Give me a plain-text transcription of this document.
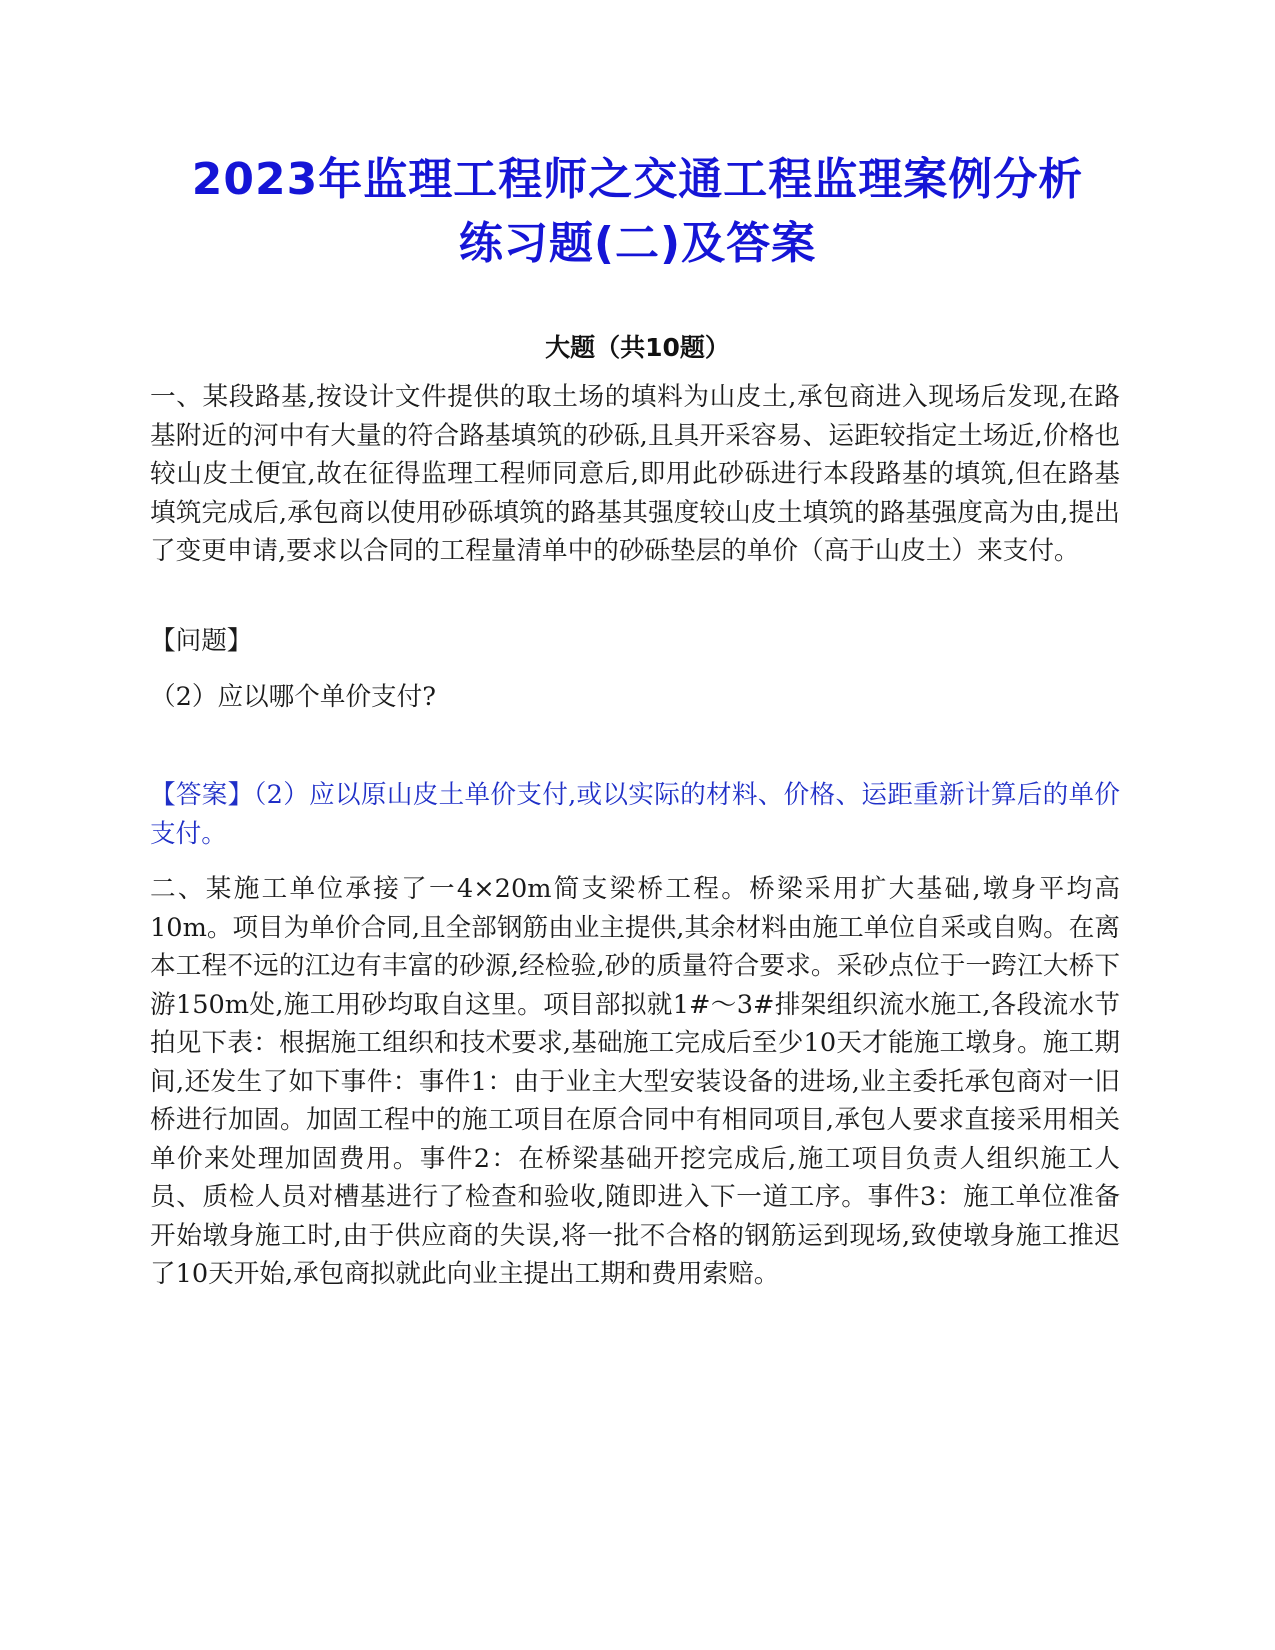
2023年监理工程师之交通工程监理案例分析
练习题(二)及答案
大题（共10题）

一、某段路基,按设计文件提供的取土场的填料为山皮土,承包商进入现场后发现,在路基附近的河中有大量的符合路基填筑的砂砾,且具开采容易、运距较指定土场近,价格也较山皮土便宜,故在征得监理工程师同意后,即用此砂砾进行本段路基的填筑,但在路基填筑完成后,承包商以使用砂砾填筑的路基其强度较山皮土填筑的路基强度高为由,提出了变更申请,要求以合同的工程量清单中的砂砾垫层的单价（高于山皮土）来支付。

【问题】

（2）应以哪个单价支付?

【答案】（2）应以原山皮土单价支付,或以实际的材料、价格、运距重新计算后的单价支付。

二、某施工单位承接了一4×20m简支梁桥工程。桥梁采用扩大基础,墩身平均高10m。项目为单价合同,且全部钢筋由业主提供,其余材料由施工单位自采或自购。在离本工程不远的江边有丰富的砂源,经检验,砂的质量符合要求。采砂点位于一跨江大桥下游150m处,施工用砂均取自这里。项目部拟就1#～3#排架组织流水施工,各段流水节拍见下表：根据施工组织和技术要求,基础施工完成后至少10天才能施工墩身。施工期间,还发生了如下事件：事件1：由于业主大型安装设备的进场,业主委托承包商对一旧桥进行加固。加固工程中的施工项目在原合同中有相同项目,承包人要求直接采用相关单价来处理加固费用。事件2：在桥梁基础开挖完成后,施工项目负责人组织施工人员、质检人员对槽基进行了检查和验收,随即进入下一道工序。事件3：施工单位准备开始墩身施工时,由于供应商的失误,将一批不合格的钢筋运到现场,致使墩身施工推迟了10天开始,承包商拟就此向业主提出工期和费用索赔。
